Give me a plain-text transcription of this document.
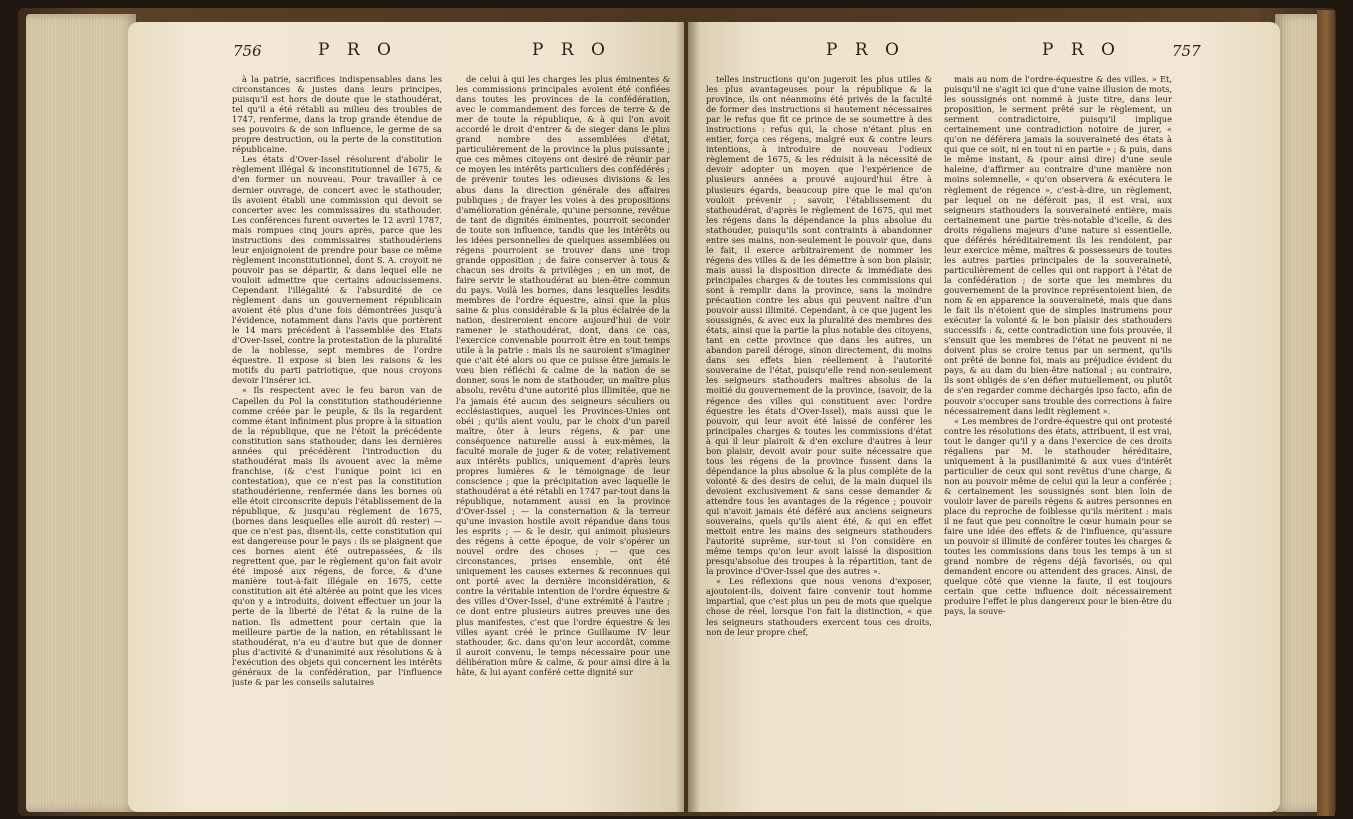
756	P R O	P R O	P R O	P R O	757

à la patrie, sacrifices indispensables dans les circonstances & justes dans leurs principes, puisqu'il est hors de doute que le stathoudérat, tel qu'il a été rétabli au milieu des troubles de 1747, renferme, dans la trop grande étendue de ses pouvoirs & de son influence, le germe de sa propre destruction, ou la perte de la constitution républicaine.

Les états d'Over-Issel résolurent d'abolir le règlement illégal & inconstitutionnel de 1675, & d'en former un nouveau. Pour travailler à ce dernier ouvrage, de concert avec le stathouder, ils avoient établi une commission qui devoit se concerter avec les commissaires du stathouder. Les conférences furent ouvertes le 12 avril 1787, mais rompues cinq jours après, parce que les instructions des commissaires stathoudériens leur enjoignoient de prendre pour base ce même règlement inconstitutionnel, dont S. A. croyoit ne pouvoir pas se départir, & dans lequel elle ne vouloit admettre que certains adoucissemens. Cependant l'illégalité & l'absurdité de ce règlement dans un gouvernement républicain avoient été plus d'une fois démontrées jusqu'à l'évidence, notamment dans l'avis que portèrent le 14 mars précédent à l'assemblée des Etats d'Over-Issel, contre la protestation de la pluralité de la noblesse, sept membres de l'ordre équestre. Il expose si bien les raisons & les motifs du parti patriotique, que nous croyons devoir l'insérer ici.

« Ils respectent avec le feu baron van de Capellen du Pol la constitution stathoudérienne comme créée par le peuple, & ils la regardent comme étant infiniment plus propre à la situation de la république, que ne l'étoit la précédente constitution sans stathouder, dans les dernières années qui précédèrent l'introduction du stathoudérat mais ils avouent avec la même franchise, (& c'est l'unique point ici en contestation), que ce n'est pas la constitution stathoudérienne, renfermée dans les bornes où elle étoit circonscrite depuis l'établissement de la république, & jusqu'au règlement de 1675, (bornes dans lesquelles elle auroit dû rester) — que ce n'est pas, disent-ils, cette constitution qui est dangereuse pour le pays : ils se plaignent que ces bornes aient été outrepassées, & ils regrettent que, par le règlement qu'on fait avoir été imposé aux régens, de force, & d'une manière tout-à-fait illégale en 1675, cette constitution ait été altérée au point que les vices qu'on y a introduits, doivent effectuer un jour la perte de la liberté de l'état & la ruine de la nation. Ils admettent pour certain que la meilleure partie de la nation, en rétablissant le stathoudérat, n'a eu d'autre but que de donner plus d'activité & d'unanimité aux résolutions & à l'exécution des objets qui concernent les intérêts généraux de la confédération, par l'influence juste & par les conseils salutaires

de celui à qui les charges les plus éminentes & les commissions principales avoient été confiées dans toutes les provinces de la confédération, avec le commandement des forces de terre & de mer de toute la république, & à qui l'on avoit accordé le droit d'entrer & de sieger dans le plus grand nombre des assemblées d'état, particulièrement de la province la plus puissante ; que ces mêmes citoyens ont desiré de réunir par ce moyen les intérêts particuliers des confédérés ; de prévenir toutes les odieuses divisions & les abus dans la direction générale des affaires publiques ; de frayer les voies à des propositions d'amélioration générale, qu'une personne, revêtue de tant de dignités éminentes, pourroit seconder de toute son influence, tandis que les intérêts ou les idées personnelles de quelques assemblées ou régens pourroient se trouver dans une trop grande opposition ; de faire conserver à tous & chacun ses droits & privilèges ; en un mot, de faire servir le stathoudérat au bien-être commun du pays. Voilà les bornes, dans lesquelles lesdits membres de l'ordre équestre, ainsi que la plus saine & plus considérable & la plus éclairée de la nation, desireroient encore aujourd'hui de voir ramener le stathoudérat, dont, dans ce cas, l'exercice convenable pourroit être en tout temps utile à la patrie : mais ils ne sauroient s'imaginer que c'ait été alors ou que ce puisse être jamais le vœu bien réfléchi & calme de la nation de se donner, sous le nom de stathouder, un maître plus absolu, revêtu d'une autorité plus illimitée, que ne l'a jamais été aucun des seigneurs séculiers ou ecclésiastiques, auquel les Provinces-Unies ont obéi ; qu'ils aient voulu, par le choix d'un pareil maître, ôter à leurs régens, & par une conséquence naturelle aussi à eux-mêmes, la faculté morale de juger & de voter, relativement aux intérêts publics, uniquement d'après leurs propres lumières & le témoignage de leur conscience ; que la précipitation avec laquelle le stathoudérat a été rétabli en 1747 par-tout dans la république, notamment aussi en la province d'Over-Issel ; — la consternation & la terreur qu'une invasion hostile avoit répandue dans tous les esprits ; — & le desir, qui animoit plusieurs des régens à cette époque, de voir s'opérer un nouvel ordre des choses ; — que ces circonstances, prises ensemble, ont été uniquement les causes externes & reconnues qui ont porté avec la dernière inconsidération, & contre la véritable intention de l'ordre équestre & des villes d'Over-Issel, d'une extrémité à l'autre ; ce dont entre plusieurs autres preuves une des plus manifestes, c'est que l'ordre équestre & les villes ayant créé le prince Guillaume IV leur stathouder, &c. dans qu'on leur accordât, comme il auroit convenu, le temps nécessaire pour une délibération mûre & calme, & pour ainsi dire à la hâte, & lui ayant conféré cette dignité sur

telles instructions qu'on jugeroit les plus utiles & les plus avantageuses pour la république & la province, ils ont néanmoins été privés de la faculté de former des instructions si hautement nécessaires par le refus que fit ce prince de se soumettre à des instructions : refus qui, la chose n'étant plus en entier, força ces régens, malgré eux & contre leurs intentions, à introduire de nouveau l'odieux règlement de 1675, & les réduisit à la nécessité de devoir adopter un moyen que l'expérience de plusieurs années a prouvé aujourd'hui être à plusieurs égards, beaucoup pire que le mal qu'on vouloit prévenir ; savoir, l'établissement du stathoudérat, d'après le règlement de 1675, qui met les régens dans la dépendance la plus absolue du stathouder, puisqu'ils sont contraints à abandonner entre ses mains, non-seulement le pouvoir que, dans le fait, il exerce arbitrairement de nommer les régens des villes & de les démettre à son bon plaisir, mais aussi la disposition directe & immédiate des principales charges & de toutes les commissions qui sont à remplir dans la province, sans la moindre précaution contre les abus qui peuvent naître d'un pouvoir aussi illimité. Cependant, à ce que jugent les soussignés, & avec eux la pluralité des membres des états, ainsi que la partie la plus notable des citoyens, tant en cette province que dans les autres, un abandon pareil déroge, sinon directement, du moins dans ses effets bien réellement à l'autorité souveraine de l'état, puisqu'elle rend non-seulement les seigneurs stathouders maîtres absolus de la moitié du gouvernement de la province, (savoir, de la régence des villes qui constituent avec l'ordre équestre les états d'Over-Issel), mais aussi que le pouvoir, qui leur avoit été laissé de conférer les principales charges & toutes les commissions d'état à qui il leur plairoit & d'en exclure d'autres à leur bon plaisir, devoit avoir pour suite nécessaire que tous les régens de la province fussent dans la dépendance la plus absolue & la plus complète de la volonté & des desirs de celui, de la main duquel ils devoient exclusivement & sans cesse demander & attendre tous les avantages de la régence ; pouvoir qui n'avoit jamais été déféré aux anciens seigneurs souverains, quels qu'ils aient été, & qui en effet mettoit entre les mains des seigneurs stathouders l'autorité suprême, sur-tout si l'on considère en même temps qu'on leur avoit laissé la disposition presqu'absolue des troupes à la répartition, tant de la province d'Over-Issel que des autres ».

« Les réflexions que nous venons d'exposer, ajoutoient-ils, doivent faire convenir tout homme impartial, que c'est plus un peu de mots que quelque chose de réel, lorsque l'on fait la distinction, « que les seigneurs stathouders exercent tous ces droits, non de leur propre chef,

mais au nom de l'ordre-équestre & des villes. » Et, puisqu'il ne s'agit ici que d'une vaine illusion de mots, les soussignés ont nommé à juste titre, dans leur proposition, le serment prêté sur le règlement, un serment contradictoire, puisqu'il implique certainement une contradiction notoire de jurer, « qu'on ne déférera jamais la souveraineté des états à qui que ce soit, ni en tout ni en partie » ; & puis, dans le même instant, & (pour ainsi dire) d'une seule haleine, d'affirmer au contraire d'une manière non moins solemnelle, « qu'on observera & exécutera le règlement de régence », c'est-à-dire, un règlement, par lequel on ne déféroit pas, il est vrai, aux seigneurs stathouders la souveraineté entière, mais certainement une partie très-notable d'icelle, & des droits régaliens majeurs d'une nature si essentielle, que déférés héréditairement ils les rendoient, par leur exercice même, maîtres & possesseurs de toutes les autres parties principales de la souveraineté, particulièrement de celles qui ont rapport à l'état de la confédération ; de sorte que les membres du gouvernement de la province représentoient bien, de nom & en apparence la souveraineté, mais que dans le fait ils n'étoient que de simples instrumens pour exécuter la volonté & le bon plaisir des stathouders successifs : &, cette contradiction une fois prouvée, il s'ensuit que les membres de l'état ne peuvent ni ne doivent plus se croire tenus par un serment, qu'ils ont prêté de bonne foi, mais au préjudice évident du pays, & au dam du bien-être national ; au contraire, ils sont obligés de s'en défier mutuellement, ou plutôt de s'en regarder comme déchargés ipso facto, afin de pouvoir s'occuper sans trouble des corrections à faire nécessairement dans ledit règlement ».

« Les membres de l'ordre-équestre qui ont protesté contre les résolutions des états, attribuent, il est vrai, tout le danger qu'il y a dans l'exercice de ces droits régaliens par M. le stathouder héréditaire, uniquement à la pusillanimité & aux vues d'intérêt particulier de ceux qui sont revêtus d'une charge, & non au pouvoir même de celui qui la leur a conférée ; & certainement les soussignés sont bien loin de vouloir laver de pareils régens & autres personnes en place du reproche de foiblesse qu'ils méritent : mais il ne faut que peu connoître le cœur humain pour se faire une idée des effets & de l'influence, qu'assure un pouvoir si illimité de conférer toutes les charges & toutes les commissions dans tous les temps à un si grand nombre de régens déjà favorisés, ou qui demandent encore ou attendent des graces. Ainsi, de quelque côté que vienne la faute, il est toujours certain que cette influence doit nécessairement produire l'effet le plus dangereux pour le bien-être du pays, la souve-
